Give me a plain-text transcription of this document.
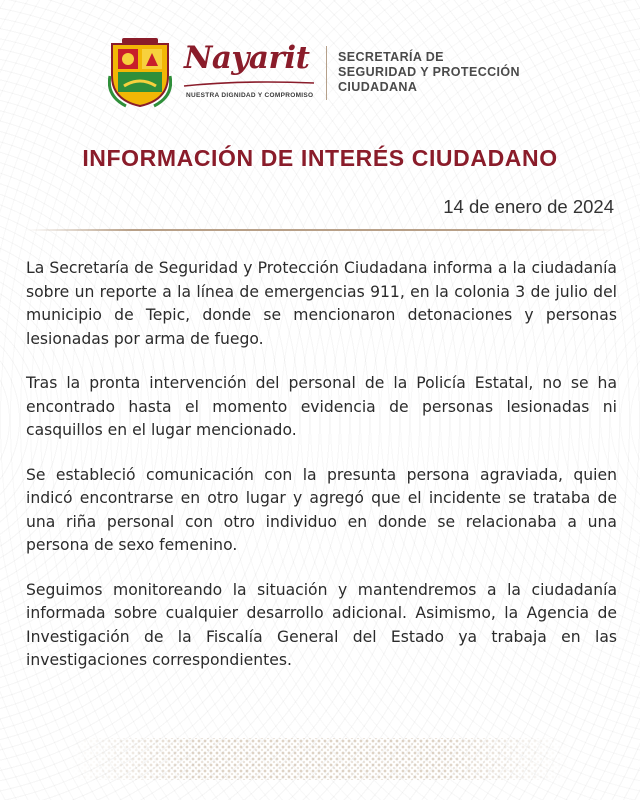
Nayarit
NUESTRA DIGNIDAD Y COMPROMISO
SECRETARÍA DE
SEGURIDAD Y PROTECCIÓN
CIUDADANA
INFORMACIÓN DE INTERÉS CIUDADANO

14 de enero de 2024

La Secretaría de Seguridad y Protección Ciudadana informa a la ciudadanía sobre un reporte a la línea de emergencias 911, en la colonia 3 de julio del municipio de Tepic, donde se mencionaron detonaciones y personas lesionadas por arma de fuego.

Tras la pronta intervención del personal de la Policía Estatal, no se ha encontrado hasta el momento evidencia de personas lesionadas ni casquillos en el lugar mencionado.

Se estableció comunicación con la presunta persona agraviada, quien indicó encontrarse en otro lugar y agregó que el incidente se trataba de una riña personal con otro individuo en donde se relacionaba a una persona de sexo femenino.

Seguimos monitoreando la situación y mantendremos a la ciudadanía informada sobre cualquier desarrollo adicional. Asimismo, la Agencia de Investigación de la Fiscalía General del Estado ya trabaja en las investigaciones correspondientes.
